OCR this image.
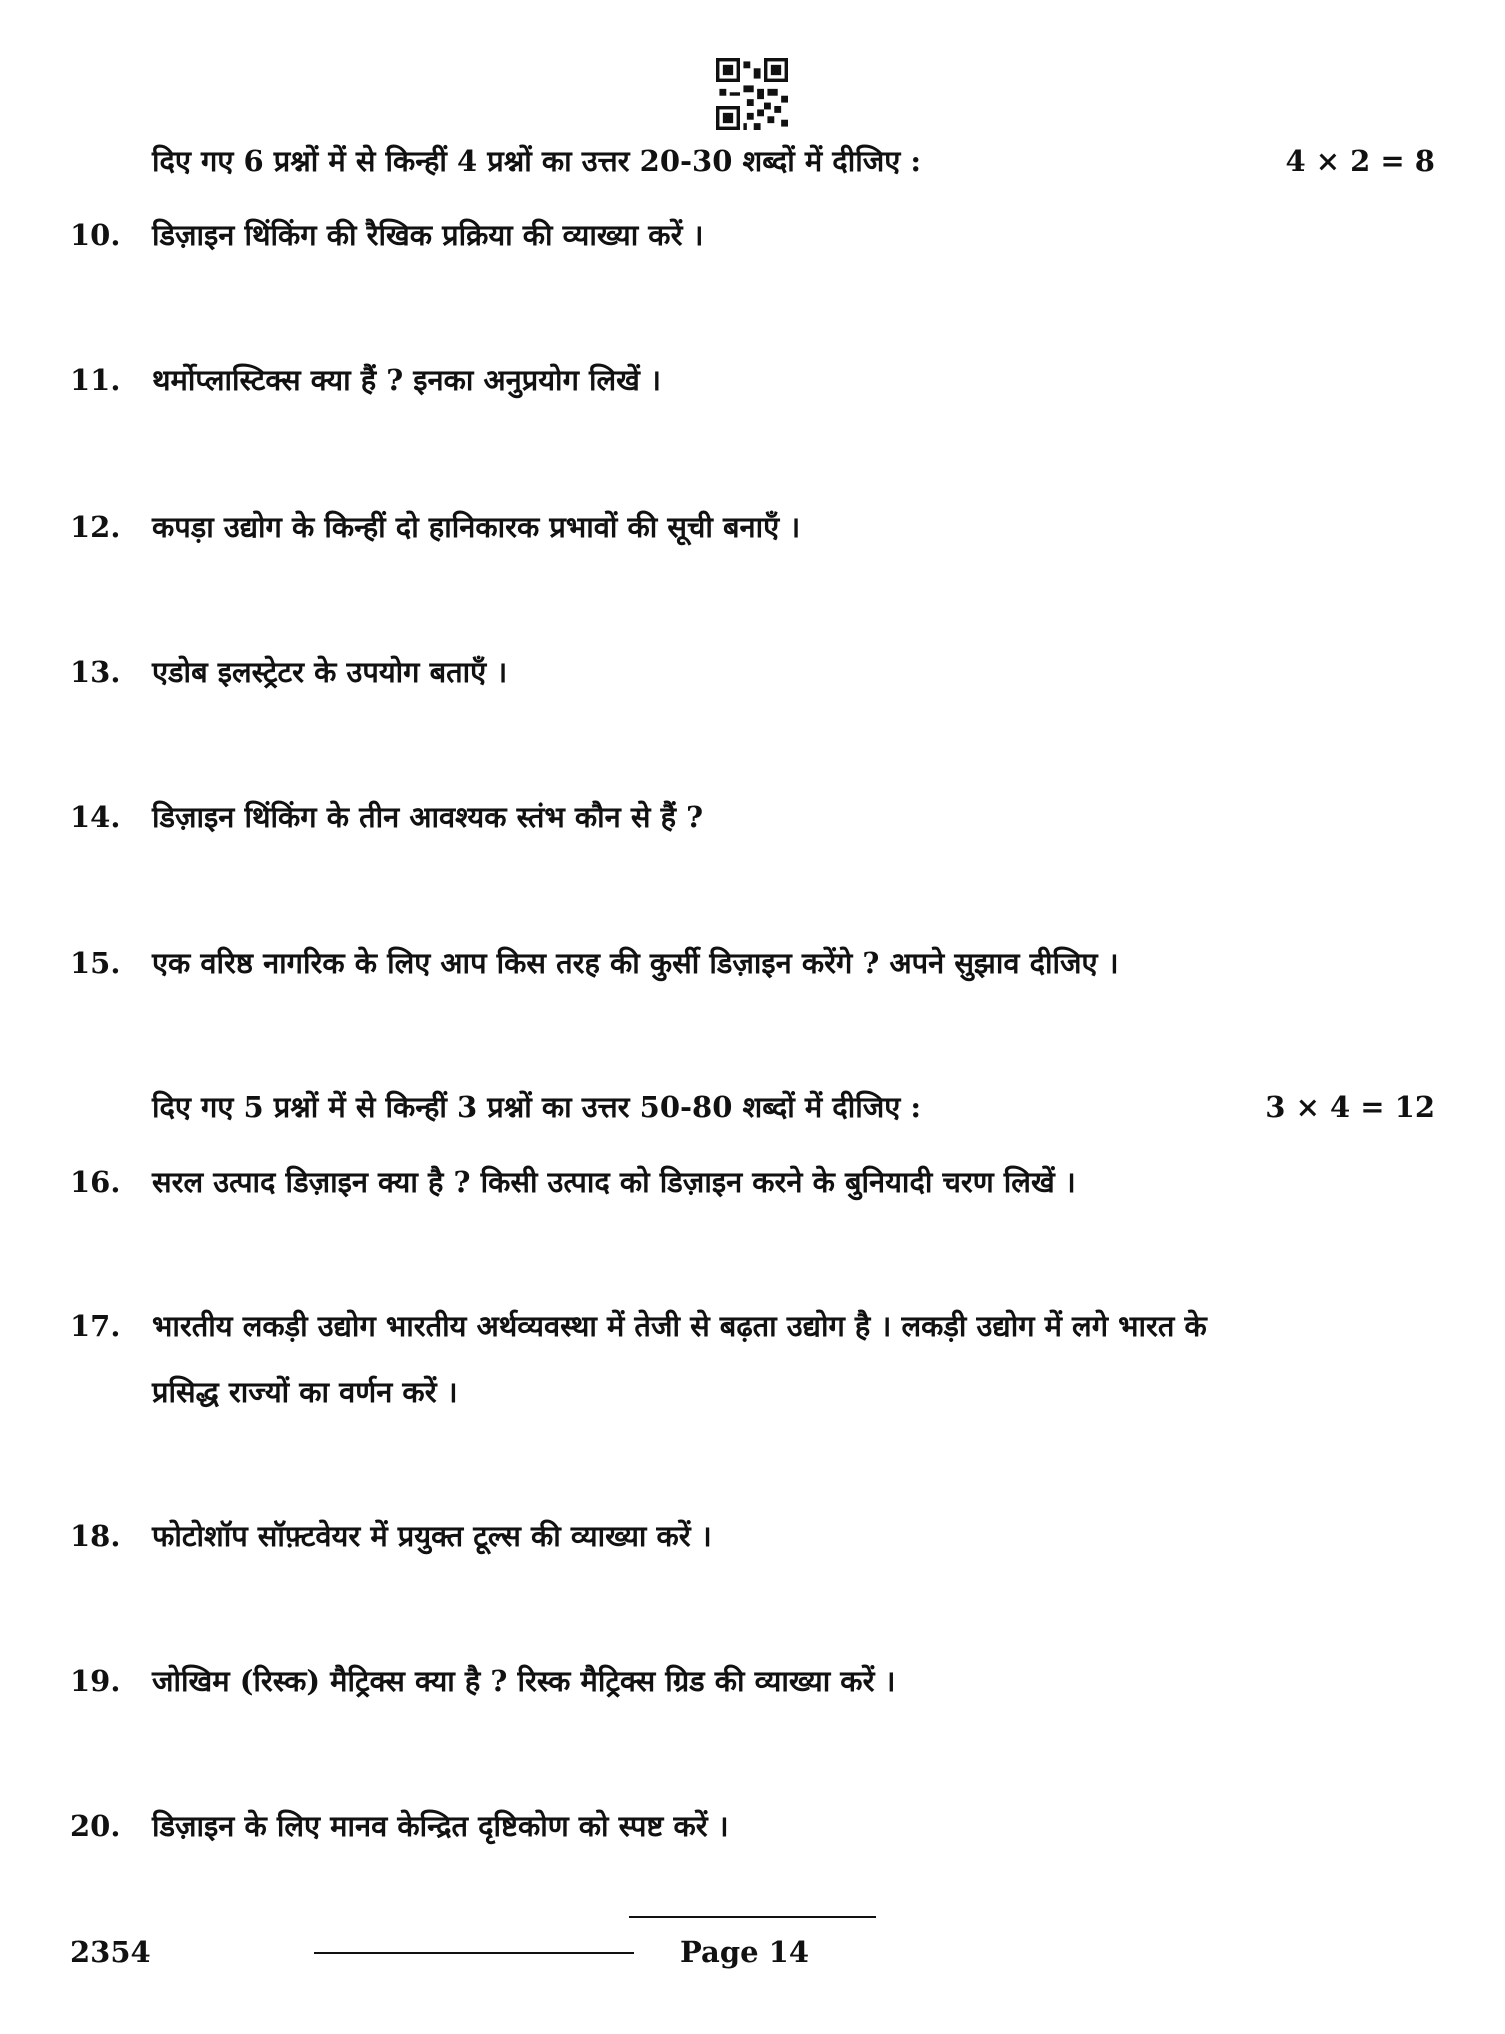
दिए गए 6 प्रश्नों में से किन्हीं 4 प्रश्नों का उत्तर 20-30 शब्दों में दीजिए :	4 × 2 = 8
10. डिज़ाइन थिंकिंग की रैखिक प्रक्रिया की व्याख्या करें ।
11. थर्मोप्लास्टिक्स क्या हैं ? इनका अनुप्रयोग लिखें ।
12. कपड़ा उद्योग के किन्हीं दो हानिकारक प्रभावों की सूची बनाएँ ।
13. एडोब इलस्ट्रेटर के उपयोग बताएँ ।
14. डिज़ाइन थिंकिंग के तीन आवश्यक स्तंभ कौन से हैं ?
15. एक वरिष्ठ नागरिक के लिए आप किस तरह की कुर्सी डिज़ाइन करेंगे ? अपने सुझाव दीजिए ।
दिए गए 5 प्रश्नों में से किन्हीं 3 प्रश्नों का उत्तर 50-80 शब्दों में दीजिए :	3 × 4 = 12
16. सरल उत्पाद डिज़ाइन क्या है ? किसी उत्पाद को डिज़ाइन करने के बुनियादी चरण लिखें ।
17. भारतीय लकड़ी उद्योग भारतीय अर्थव्यवस्था में तेजी से बढ़ता उद्योग है । लकड़ी उद्योग में लगे भारत के
प्रसिद्ध राज्यों का वर्णन करें ।
18. फोटोशॉप सॉफ़्टवेयर में प्रयुक्त टूल्स की व्याख्या करें ।
19. जोखिम (रिस्क) मैट्रिक्स क्या है ? रिस्क मैट्रिक्स ग्रिड की व्याख्या करें ।
20. डिज़ाइन के लिए मानव केन्द्रित दृष्टिकोण को स्पष्ट करें ।
2354	Page 14
